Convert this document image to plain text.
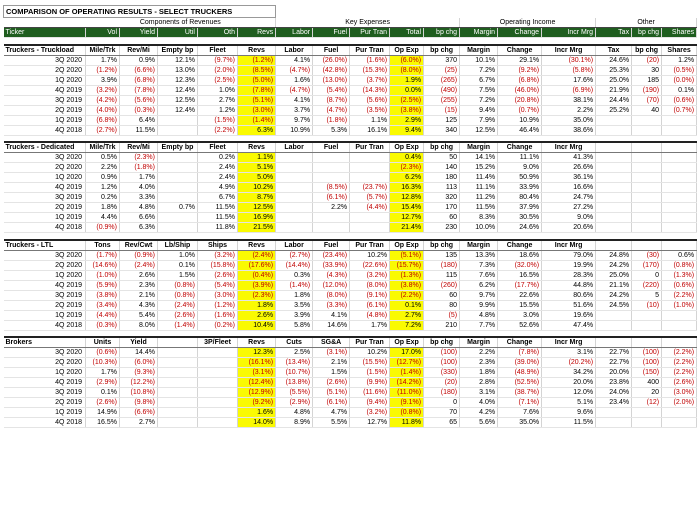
COMPARISON OF OPERATING RESULTS - SELECT TRUCKERS																
	Components of Revenues					Key Expenses					Operating Income			Other		
Ticker	Vol	Yield	Util	Oth	Revs	Labor	Fuel	Pur Tran	Total	bp chg	Margin	Change	Incr Mrg	Tax	bp chg	Shares

Truckers - Truckload	Mile/Trk	Rev/Mi	Empty bp	Fleet	Revs	Labor	Fuel	Pur Tran	Op Exp	bp chg	Margin	Change	Incr Mrg	Tax	bp chg	Shares
3Q 2020	1.7%	0.9%	12.1%	(9.7%)	(1.2%)	4.1%	(26.0%)	(1.6%)	(6.0%)	370	10.1%	29.1%	(30.1%)	24.6%	(20)	1.2%
2Q 2020	(1.2%)	(6.6%)	13.0%	(2.0%)	(8.5%)	(4.7%)	(42.8%)	(15.3%)	(8.0%)	(25)	7.2%	(9.2%)	(5.8%)	25.3%	30	(0.5%)
1Q 2020	3.9%	(6.8%)	12.3%	(2.5%)	(5.0%)	1.6%	(13.0%)	(3.7%)	1.9%	(265)	6.7%	(6.8%)	17.6%	25.0%	185	(0.0%)
4Q 2019	(3.2%)	(7.8%)	12.4%	1.0%	(7.8%)	(4.7%)	(5.4%)	(14.3%)	0.0%	(490)	7.5%	(46.0%)	(6.9%)	21.9%	(190)	0.1%
3Q 2019	(4.2%)	(5.6%)	12.5%	2.7%	(5.1%)	4.1%	(8.7%)	(5.6%)	(2.5%)	(255)	7.2%	(20.8%)	38.1%	24.4%	(70)	(0.6%)
2Q 2019	(4.0%)	(0.3%)	12.4%	1.2%	(3.0%)	3.7%	(4.7%)	(3.5%)	(3.8%)	(15)	9.4%	(0.7%)	2.2%	25.2%	40	(0.7%)
1Q 2019	(6.8%)	6.4%		(1.5%)	(1.4%)	9.7%	(1.8%)	1.1%	2.9%	125	7.9%	10.9%	35.0%			
4Q 2018	(2.7%)	11.5%		(2.2%)	6.3%	10.9%	5.3%	16.1%	9.4%	340	12.5%	46.4%	38.6%			

Truckers - Dedicated	Mile/Trk	Rev/Mi	Empty bp	Fleet	Revs	Labor	Fuel	Pur Tran	Op Exp	bp chg	Margin	Change	Incr Mrg			
3Q 2020	0.5%	(2.3%)		0.2%	1.1%				0.4%	50	14.1%	11.1%	41.3%			
2Q 2020	2.2%	(1.8%)		2.4%	5.1%				(2.3%)	140	15.2%	9.0%	26.6%			
1Q 2020	0.9%	1.7%		2.4%	5.0%				6.2%	180	11.4%	50.9%	36.1%			
4Q 2019	1.2%	4.0%		4.9%	10.2%		(8.5%)	(23.7%)	16.3%	113	11.1%	33.9%	16.6%			
3Q 2019	0.2%	3.3%		6.7%	8.7%		(6.1%)	(5.7%)	12.8%	320	11.2%	80.4%	24.7%			
2Q 2019	1.8%	4.8%	0.7%	11.5%	12.5%		2.2%	(4.4%)	15.4%	170	11.5%	37.9%	27.2%			
1Q 2019	4.4%	6.6%		11.5%	16.9%				12.7%	60	8.3%	30.5%	9.0%			
4Q 2018	(0.9%)	6.3%		11.8%	21.5%				21.4%	230	10.0%	24.6%	20.6%			

Truckers - LTL	Tons	Rev/Cwt	Lb/Ship	Ships	Revs	Labor	Fuel	Pur Tran	Op Exp	bp chg	Margin	Change	Incr Mrg			
3Q 2020	(1.7%)	(0.9%)	1.0%	(3.2%)	(2.4%)	(2.7%)	(23.4%)	10.2%	(5.1%)	135	13.3%	18.6%	79.0%	24.8%	(30)	0.6%
2Q 2020	(14.6%)	(2.4%)	0.1%	(15.8%)	(17.6%)	(14.4%)	(33.9%)	(22.6%)	(15.7%)	(180)	7.3%	(32.0%)	19.9%	24.2%	(170)	(0.8%)
1Q 2020	(1.0%)	2.6%	1.5%	(2.6%)	(0.4%)	0.3%	(4.3%)	(3.2%)	(1.3%)	115	7.6%	16.5%	28.3%	25.0%	0	(1.3%)
4Q 2019	(5.9%)	2.3%	(0.8%)	(5.4%)	(3.9%)	(1.4%)	(12.0%)	(8.0%)	(3.8%)	(260)	6.2%	(17.7%)	44.8%	21.1%	(220)	(0.6%)
3Q 2019	(3.8%)	2.1%	(0.8%)	(3.0%)	(2.3%)	1.8%	(8.0%)	(9.1%)	(2.2%)	60	9.7%	22.6%	80.6%	24.2%	5	(2.2%)
2Q 2019	(3.4%)	4.3%	(2.4%)	(1.2%)	1.8%	3.5%	(3.3%)	(6.1%)	0.1%	80	9.9%	15.5%	51.6%	24.5%	(10)	(1.0%)
1Q 2019	(4.4%)	5.4%	(2.6%)	(1.6%)	2.6%	3.9%	4.1%	(4.8%)	2.7%	(5)	4.8%	3.0%	19.6%			
4Q 2018	(0.3%)	8.0%	(1.4%)	(0.2%)	10.4%	5.8%	14.6%	1.7%	7.2%	210	7.7%	52.6%	47.4%			

Brokers	Units	Yield		3P/Fleet	Revs	Cuts	SG&A	Pur Tran	Op Exp	bp chg	Margin	Change	Incr Mrg			
3Q 2020	(0.6%)	14.4%			12.3%	2.5%	(3.1%)	10.2%	17.0%	(100)	2.2%	(7.8%)	3.1%	22.7%	(100)	(2.2%)
2Q 2020	(10.3%)	(6.0%)			(16.1%)	(13.4%)	2.1%	(15.5%)	(12.7%)	(100)	2.3%	(39.0%)	(20.2%)	22.7%	(100)	(2.2%)
1Q 2020	1.7%	(9.3%)			(3.1%)	(10.7%)	1.5%	(1.5%)	(1.4%)	(330)	1.8%	(48.9%)	34.2%	20.0%	(150)	(2.2%)
4Q 2019	(2.9%)	(12.2%)			(12.4%)	(13.8%)	(2.6%)	(9.9%)	(14.2%)	(20)	2.8%	(52.5%)	20.0%	23.8%	400	(2.6%)
3Q 2019	0.1%	(10.8%)			(12.9%)	(5.5%)	(5.1%)	(11.6%)	(11.0%)	(180)	3.1%	(38.7%)	12.0%	24.0%	20	(3.0%)
2Q 2019	(2.6%)	(9.8%)			(9.2%)	(2.9%)	(6.1%)	(9.4%)	(9.1%)	0	4.0%	(7.1%)	5.1%	23.4%	(12)	(2.0%)
1Q 2019	14.9%	(6.6%)			1.6%	4.8%	4.7%	(3.2%)	(0.8%)	70	4.2%	7.6%	9.6%			
4Q 2018	16.5%	2.7%			14.0%	8.9%	5.5%	12.7%	11.8%	65	5.6%	35.0%	11.5%			
